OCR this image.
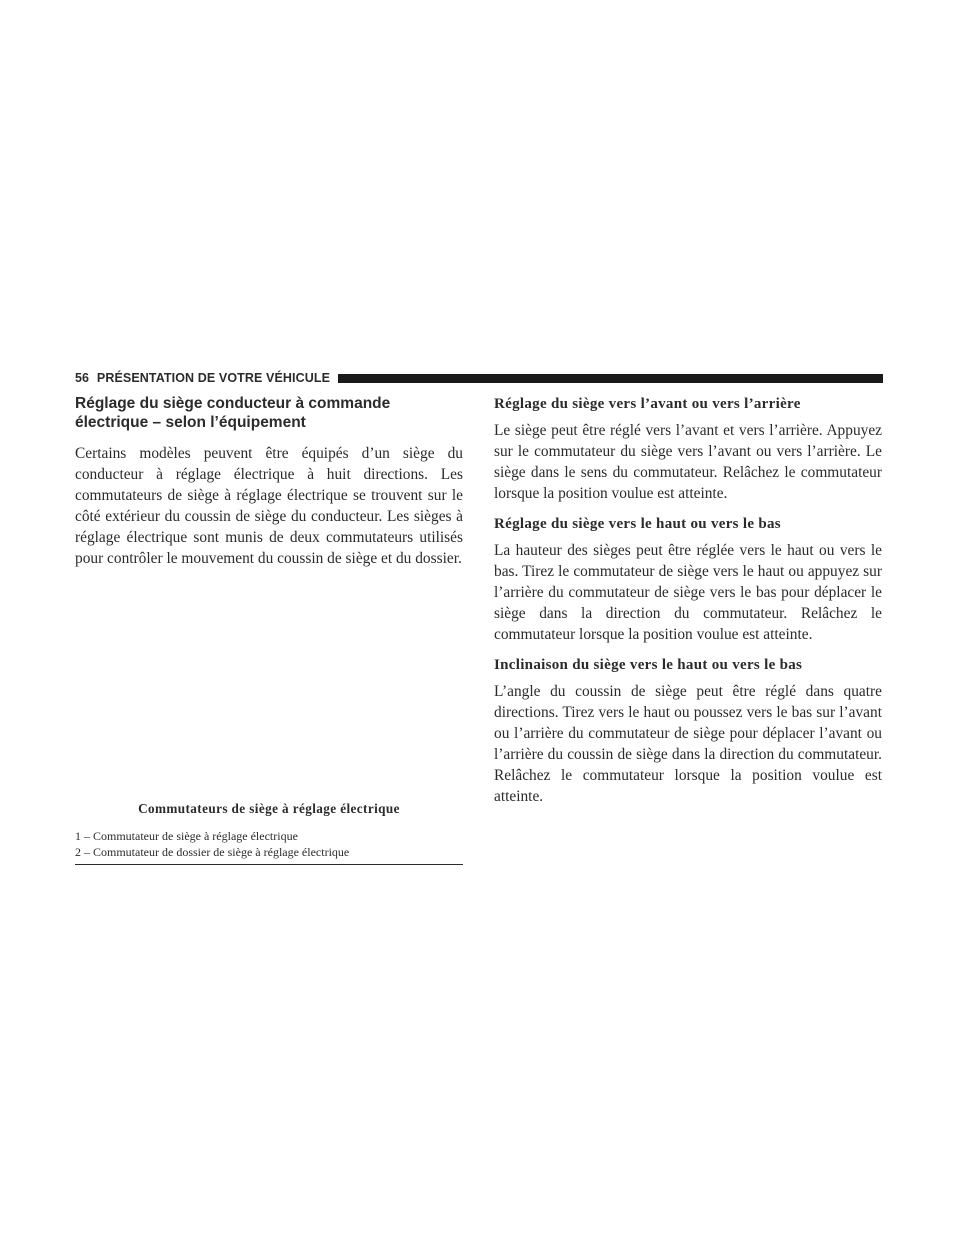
56 PRÉSENTATION DE VOTRE VÉHICULE
Réglage du siège conducteur à commande électrique – selon l’équipement

Certains modèles peuvent être équipés d’un siège du conducteur à réglage électrique à huit directions. Les commutateurs de siège à réglage électrique se trouvent sur le côté extérieur du coussin de siège du conducteur. Les sièges à réglage électrique sont munis de deux commutateurs utilisés pour contrôler le mouvement du coussin de siège et du dossier.

Commutateurs de siège à réglage électrique
1 – Commutateur de siège à réglage électrique
2 – Commutateur de dossier de siège à réglage électrique
Réglage du siège vers l’avant ou vers l’arrière

Le siège peut être réglé vers l’avant et vers l’arrière. Appuyez sur le commutateur du siège vers l’avant ou vers l’arrière. Le siège dans le sens du commutateur. Relâchez le commutateur lorsque la position voulue est atteinte.

Réglage du siège vers le haut ou vers le bas

La hauteur des sièges peut être réglée vers le haut ou vers le bas. Tirez le commutateur de siège vers le haut ou appuyez sur l’arrière du commutateur de siège vers le bas pour déplacer le siège dans la direction du commutateur. Relâchez le commutateur lorsque la position voulue est atteinte.

Inclinaison du siège vers le haut ou vers le bas

L’angle du coussin de siège peut être réglé dans quatre directions. Tirez vers le haut ou poussez vers le bas sur l’avant ou l’arrière du commutateur de siège pour déplacer l’avant ou l’arrière du coussin de siège dans la direction du commutateur. Relâchez le commutateur lorsque la position voulue est atteinte.
